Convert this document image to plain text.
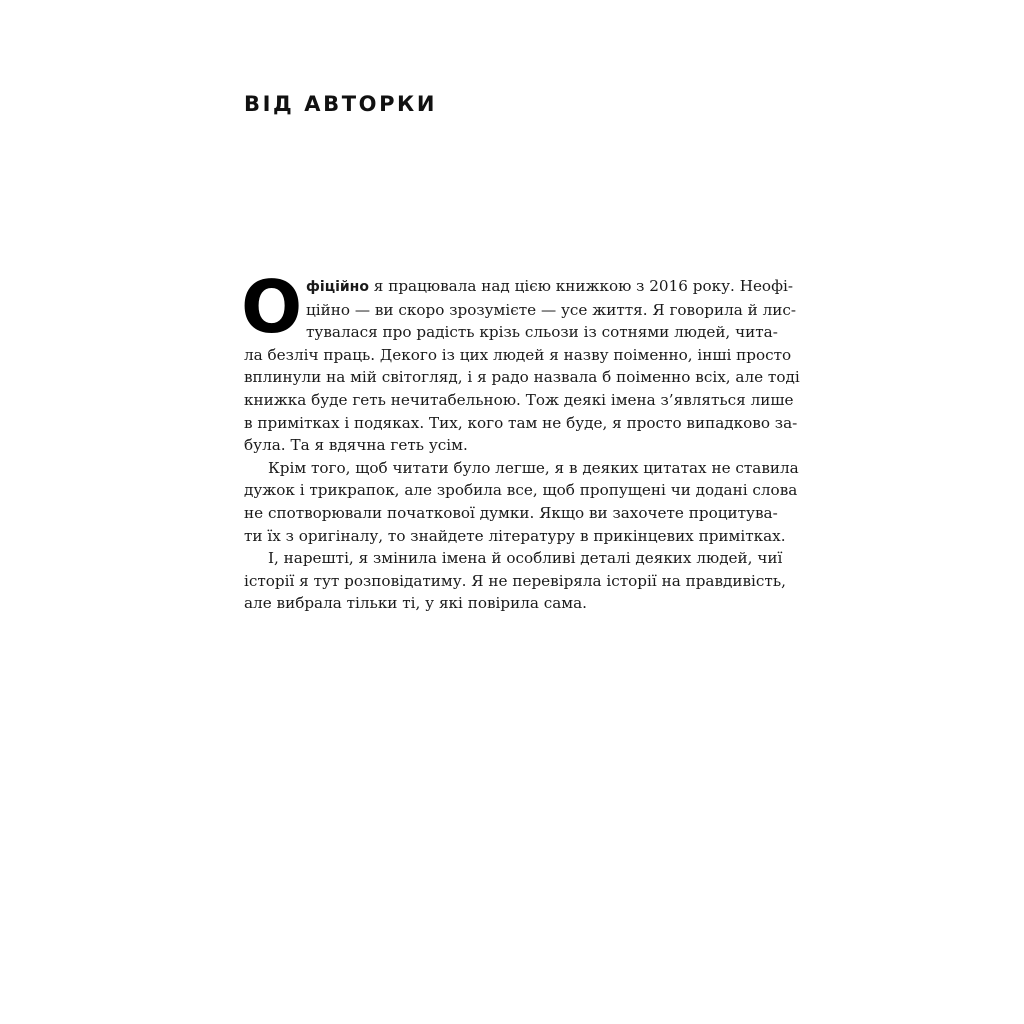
ВІД АВТОРКИ
О фіційно я працювала над цією книжкою з 2016 року. Неофі-
ційно — ви скоро зрозумієте — усе життя. Я говорила й лис-
тувалася про радість крізь сльози із сотнями людей, чита-
ла безліч праць. Декого із цих людей я назву поіменно, інші просто
вплинули на мій світогляд, і я радо назвала б поіменно всіх, але тоді
книжка буде геть нечитабельною. Тож деякі імена з’являться лише
в примітках і подяках. Тих, кого там не буде, я просто випадково за-
була. Та я вдячна геть усім.
Крім того, щоб читати було легше, я в деяких цитатах не ставила
дужок і трикрапок, але зробила все, щоб пропущені чи додані слова
не спотворювали початкової думки. Якщо ви захочете процитува-
ти їх з оригіналу, то знайдете літературу в прикінцевих примітках.
І, нарешті, я змінила імена й особливі деталі деяких людей, чиї
історії я тут розповідатиму. Я не перевіряла історії на правдивість,
але вибрала тільки ті, у які повірила сама.
